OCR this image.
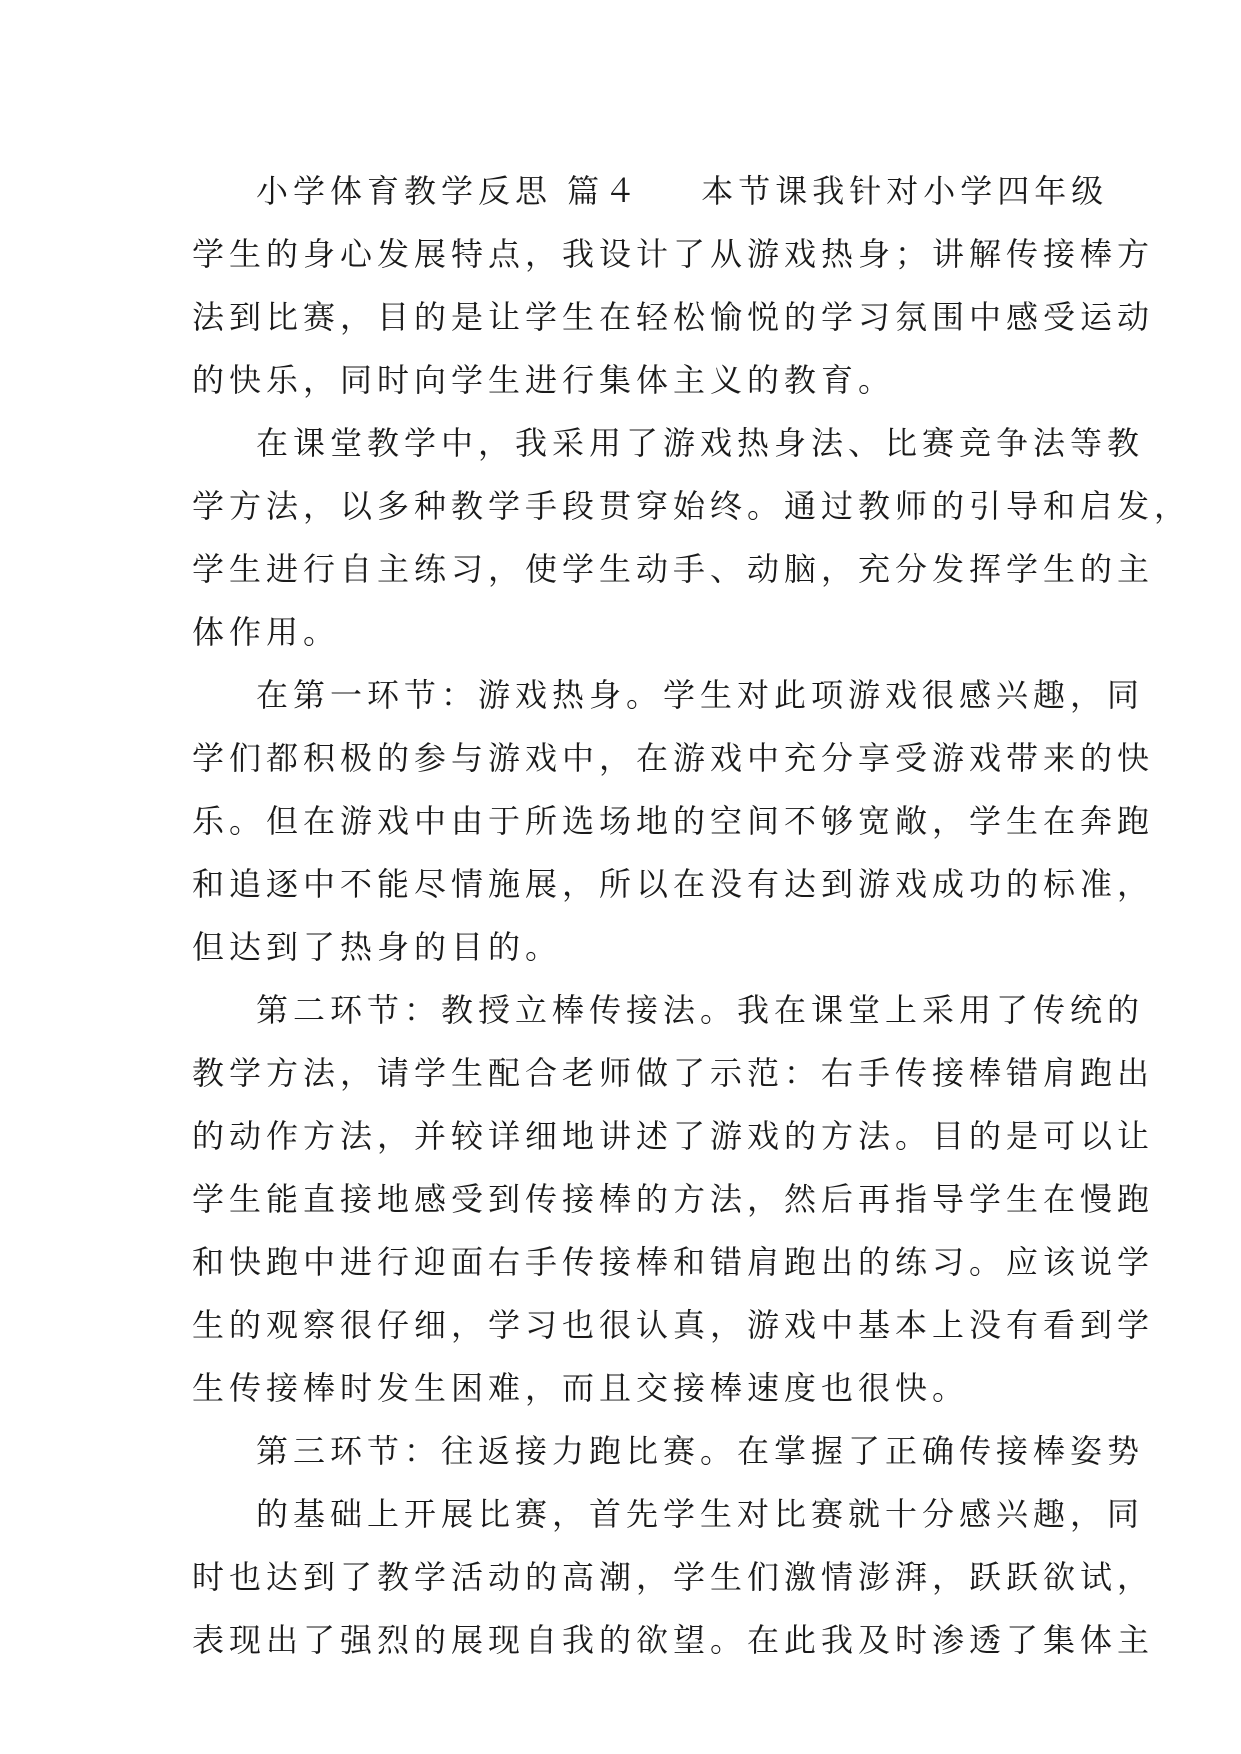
小学体育教学反思 篇４ 本节课我针对小学四年级
学生的身心发展特点，我设计了从游戏热身；讲解传接棒方
法到比赛，目的是让学生在轻松愉悦的学习氛围中感受运动
的快乐，同时向学生进行集体主义的教育。
在课堂教学中，我采用了游戏热身法、比赛竞争法等教
学方法，以多种教学手段贯穿始终。通过教师的引导和启发，
学生进行自主练习，使学生动手、动脑，充分发挥学生的主
体作用。
在第一环节：游戏热身。学生对此项游戏很感兴趣，同
学们都积极的参与游戏中，在游戏中充分享受游戏带来的快
乐。但在游戏中由于所选场地的空间不够宽敞，学生在奔跑
和追逐中不能尽情施展，所以在没有达到游戏成功的标准，
但达到了热身的目的。
第二环节：教授立棒传接法。我在课堂上采用了传统的
教学方法，请学生配合老师做了示范：右手传接棒错肩跑出
的动作方法，并较详细地讲述了游戏的方法。目的是可以让
学生能直接地感受到传接棒的方法，然后再指导学生在慢跑
和快跑中进行迎面右手传接棒和错肩跑出的练习。应该说学
生的观察很仔细，学习也很认真，游戏中基本上没有看到学
生传接棒时发生困难，而且交接棒速度也很快。
第三环节：往返接力跑比赛。在掌握了正确传接棒姿势
的基础上开展比赛，首先学生对比赛就十分感兴趣，同
时也达到了教学活动的高潮，学生们激情澎湃，跃跃欲试，
表现出了强烈的展现自我的欲望。在此我及时渗透了集体主
